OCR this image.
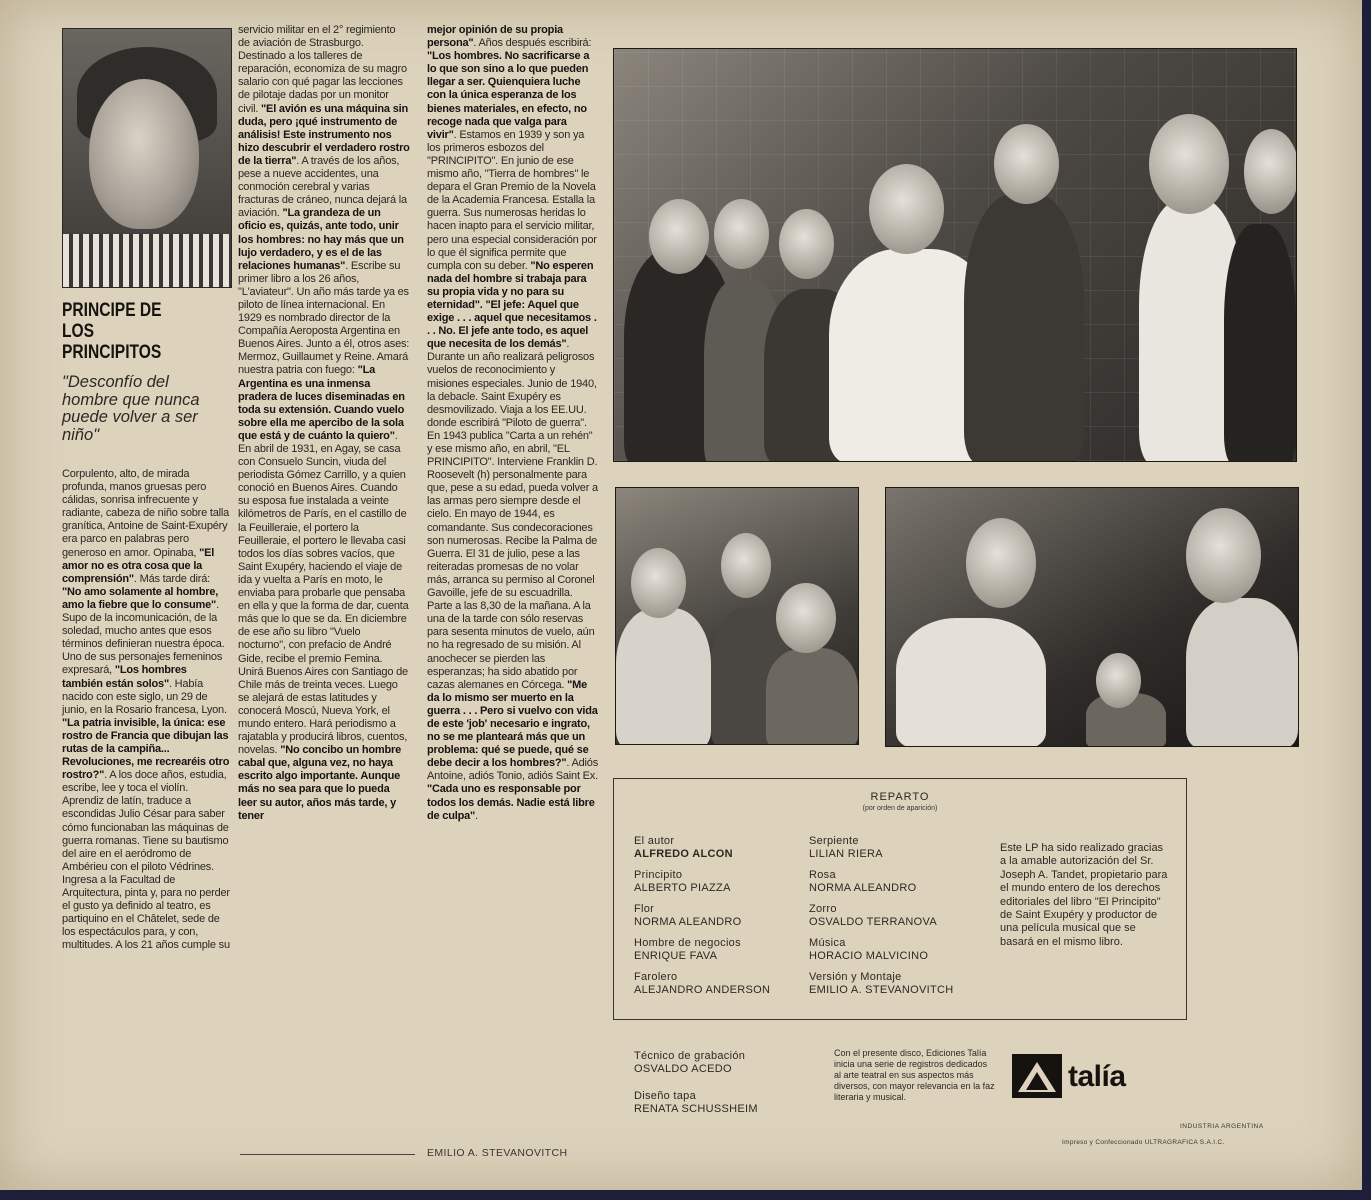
PRINCIPE DE LOS PRINCIPITOS
"Desconfío del hombre que nunca puede volver a ser niño"

Corpulento, alto, de mirada profunda, manos gruesas pero cálidas, sonrisa infrecuente y radiante, cabeza de niño sobre talla granítica, Antoine de Saint-Exupéry era parco en palabras pero generoso en amor. Opinaba, "El amor no es otra cosa que la comprensión". Más tarde dirá: "No amo solamente al hombre, amo la fiebre que lo consume". Supo de la incomunicación, de la soledad, mucho antes que esos términos definieran nuestra época. Uno de sus personajes femeninos expresará, "Los hombres también están solos". Había nacido con este siglo, un 29 de junio, en la Rosario francesa, Lyon. "La patria invisible, la única: ese rostro de Francia que dibujan las rutas de la campiña... Revoluciones, me recrearéis otro rostro?". A los doce años, estudia, escribe, lee y toca el violín. Aprendiz de latín, traduce a escondidas Julio César para saber cómo funcionaban las máquinas de guerra romanas. Tiene su bautismo del aire en el aeródromo de Ambérieu con el piloto Védrines. Ingresa a la Facultad de Arquitectura, pinta y, para no perder el gusto ya definido al teatro, es partiquino en el Châtelet, sede de los espectáculos para, y con, multitudes. A los 21 años cumple su

servicio militar en el 2° regimiento de aviación de Strasburgo. Destinado a los talleres de reparación, economiza de su magro salario con qué pagar las lecciones de pilotaje dadas por un monitor civil. "El avión es una máquina sin duda, pero ¡qué instrumento de análisis! Este instrumento nos hizo descubrir el verdadero rostro de la tierra". A través de los años, pese a nueve accidentes, una conmoción cerebral y varias fracturas de cráneo, nunca dejará la aviación. "La grandeza de un oficio es, quizás, ante todo, unir los hombres: no hay más que un lujo verdadero, y es el de las relaciones humanas". Escribe su primer libro a los 26 años, "L'aviateur". Un año más tarde ya es piloto de línea internacional. En 1929 es nombrado director de la Compañía Aeroposta Argentina en Buenos Aires. Junto a él, otros ases: Mermoz, Guillaumet y Reine. Amará nuestra patria con fuego: "La Argentina es una inmensa pradera de luces diseminadas en toda su extensión. Cuando vuelo sobre ella me apercibo de la sola que está y de cuánto la quiero". En abril de 1931, en Agay, se casa con Consuelo Suncin, viuda del periodista Gómez Carrillo, y a quien conoció en Buenos Aires. Cuando su esposa fue instalada a veinte kilómetros de París, en el castillo de la Feuilleraie, el portero la Feuilleraie, el portero le llevaba casi todos los días sobres vacíos, que Saint Exupéry, haciendo el viaje de ida y vuelta a París en moto, le enviaba para probarle que pensaba en ella y que la forma de dar, cuenta más que lo que se da. En diciembre de ese año su libro "Vuelo nocturno", con prefacio de André Gide, recibe el premio Femina. Unirá Buenos Aires con Santiago de Chile más de treinta veces. Luego se alejará de estas latitudes y conocerá Moscú, Nueva York, el mundo entero. Hará periodismo a rajatabla y producirá libros, cuentos, novelas. "No concibo un hombre cabal que, alguna vez, no haya escrito algo importante. Aunque más no sea para que lo pueda leer su autor, años más tarde, y tener

mejor opinión de su propia persona". Años después escribirá: "Los hombres. No sacrificarse a lo que son sino a lo que pueden llegar a ser. Quienquiera luche con la única esperanza de los bienes materiales, en efecto, no recoge nada que valga para vivir". Estamos en 1939 y son ya los primeros esbozos del "PRINCIPITO". En junio de ese mismo año, "Tierra de hombres" le depara el Gran Premio de la Novela de la Academia Francesa. Estalla la guerra. Sus numerosas heridas lo hacen inapto para el servicio militar, pero una especial consideración por lo que él significa permite que cumpla con su deber. "No esperen nada del hombre si trabaja para su propia vida y no para su eternidad". "El jefe: Aquel que exige . . . aquel que necesitamos . . . No. El jefe ante todo, es aquel que necesita de los demás". Durante un año realizará peligrosos vuelos de reconocimiento y misiones especiales. Junio de 1940, la debacle. Saint Exupéry es desmovilizado. Viaja a los EE.UU. donde escribirá "Piloto de guerra". En 1943 publica "Carta a un rehén" y ese mismo año, en abril, "EL PRINCIPITO". Interviene Franklin D. Roosevelt (h) personalmente para que, pese a su edad, pueda volver a las armas pero siempre desde el cielo. En mayo de 1944, es comandante. Sus condecoraciones son numerosas. Recibe la Palma de Guerra. El 31 de julio, pese a las reiteradas promesas de no volar más, arranca su permiso al Coronel Gavoille, jefe de su escuadrilla. Parte a las 8,30 de la mañana. A la una de la tarde con sólo reservas para sesenta minutos de vuelo, aún no ha regresado de su misión. Al anochecer se pierden las esperanzas; ha sido abatido por cazas alemanes en Córcega. "Me da lo mismo ser muerto en la guerra . . . Pero si vuelvo con vida de este 'job' necesario e ingrato, no se me planteará más que un problema: qué se puede, qué se debe decir a los hombres?". Adiós Antoine, adiós Tonio, adiós Saint Ex. "Cada uno es responsable por todos los demás. Nadie está libre de culpa".

EMILIO A. STEVANOVITCH
REPARTO
(por orden de aparición)
El autor
ALFREDO ALCON
Principito
ALBERTO PIAZZA
Flor
NORMA ALEANDRO
Hombre de negocios
ENRIQUE FAVA
Farolero
ALEJANDRO ANDERSON
Serpiente
LILIAN RIERA
Rosa
NORMA ALEANDRO
Zorro
OSVALDO TERRANOVA
Música
HORACIO MALVICINO
Versión y Montaje
EMILIO A. STEVANOVITCH
Este LP ha sido realizado gracias a la amable autorización del Sr. Joseph A. Tandet, propietario para el mundo entero de los derechos editoriales del libro "El Principito" de Saint Exupéry y productor de una película musical que se basará en el mismo libro.
Técnico de grabación
OSVALDO ACEDO
Diseño tapa
RENATA SCHUSSHEIM
Con el presente disco, Ediciones Talía inicia una serie de registros dedicados al arte teatral en sus aspectos más diversos, con mayor relevancia en la faz literaria y musical.
talía
INDUSTRIA ARGENTINA
Impreso y Confeccionado ULTRAGRAFICA S.A.I.C.
